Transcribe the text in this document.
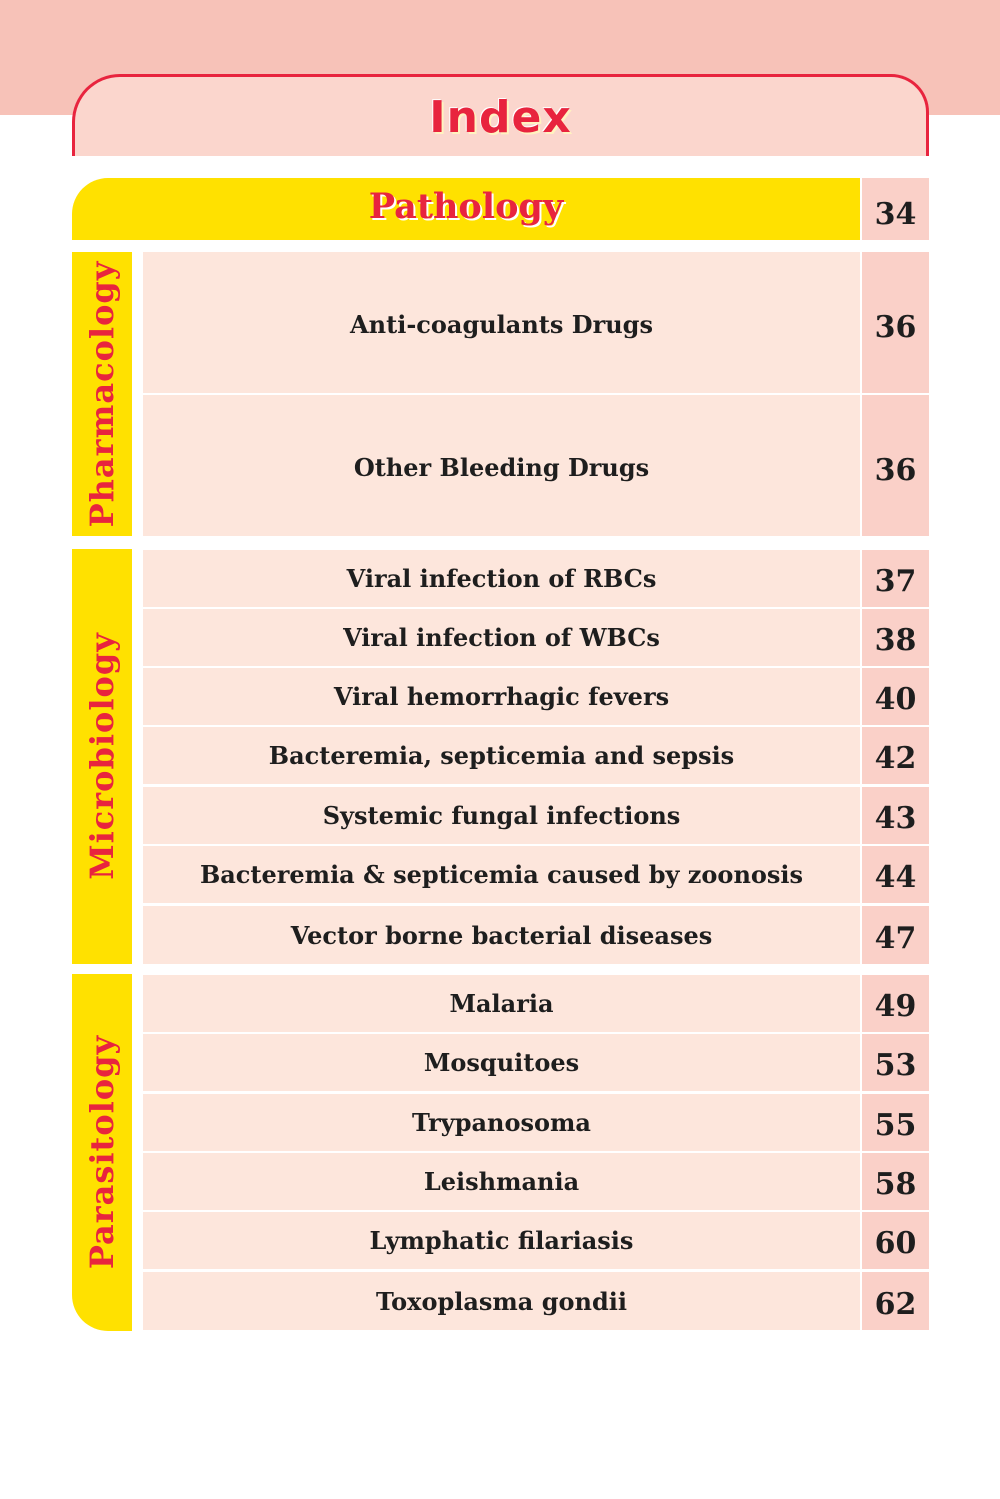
Index
Pathology	34
Pharmacology	Anti-coagulants Drugs	36
Other Bleeding Drugs	36
Microbiology
Viral infection of RBCs	37
Viral infection of WBCs	38
Viral hemorrhagic fevers	40
Bacteremia, septicemia and sepsis	42
Systemic fungal infections	43
Bacteremia & septicemia caused by zoonosis	44
Vector borne bacterial diseases	47
Parasitology
Malaria	49
Mosquitoes	53
Trypanosoma	55
Leishmania	58
Lymphatic filariasis	60
Toxoplasma gondii	62
